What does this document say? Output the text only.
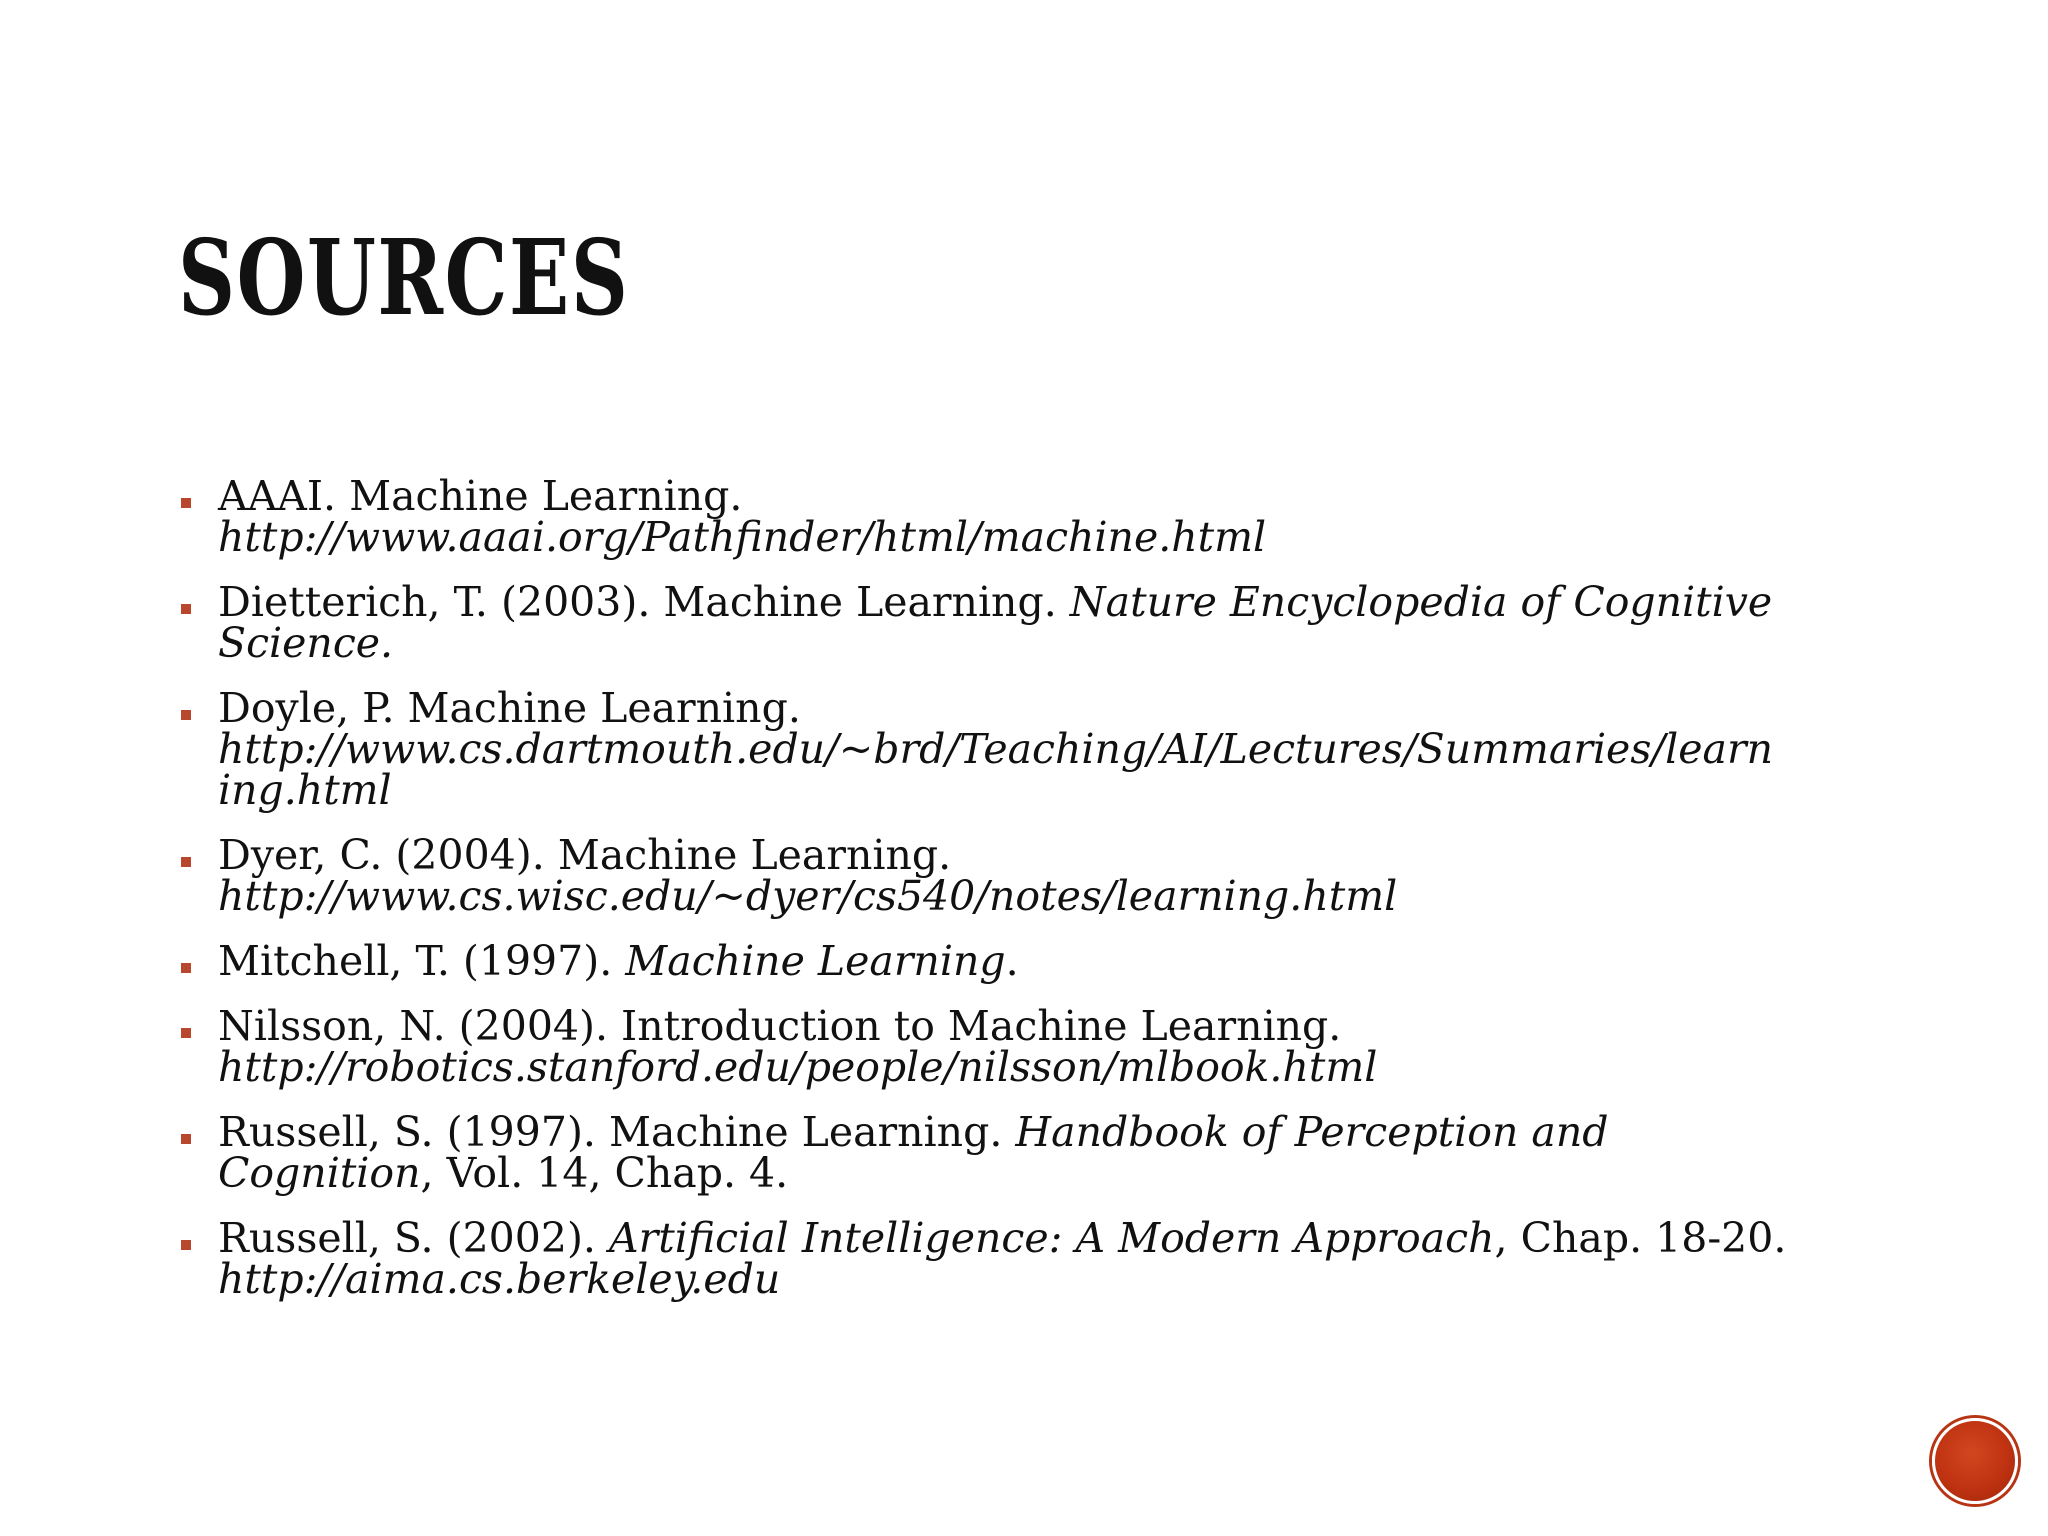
SOURCES
AAAI. Machine Learning.
http://www.aaai.org/Pathfinder/html/machine.html
Dietterich, T. (2003). Machine Learning. Nature Encyclopedia of Cognitive
Science.
Doyle, P. Machine Learning.
http://www.cs.dartmouth.edu/~brd/Teaching/AI/Lectures/Summaries/learn
ing.html
Dyer, C. (2004). Machine Learning.
http://www.cs.wisc.edu/~dyer/cs540/notes/learning.html
Mitchell, T. (1997). Machine Learning.
Nilsson, N. (2004). Introduction to Machine Learning.
http://robotics.stanford.edu/people/nilsson/mlbook.html
Russell, S. (1997). Machine Learning. Handbook of Perception and
Cognition, Vol. 14, Chap. 4.
Russell, S. (2002). Artificial Intelligence: A Modern Approach, Chap. 18-20.
http://aima.cs.berkeley.edu
